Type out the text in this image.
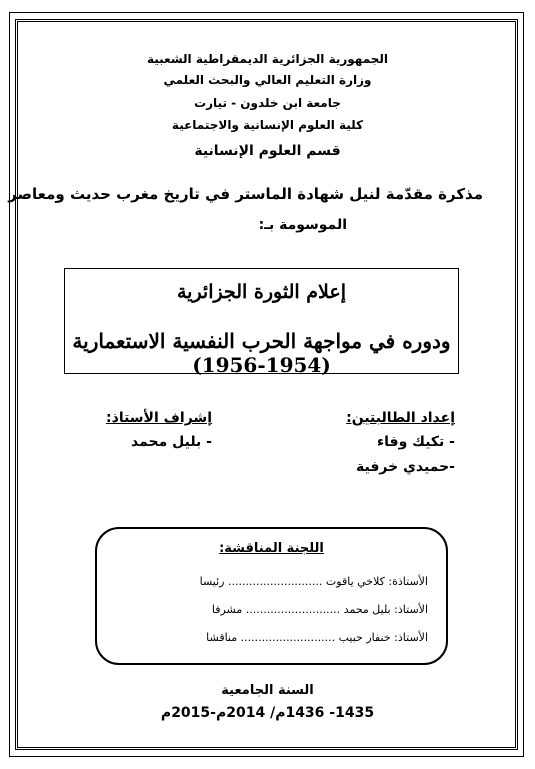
الجمهورية الجزائرية الديمقراطية الشعبية
وزارة التعليم العالي والبحث العلمي
جامعة ابن خلدون - تيارت
كلية العلوم الإنسانية والاجتماعية
قسم العلوم الإنسانية
مذكرة مقدّمة لنيل شهادة الماستر في تاريخ مغرب حديث ومعاصر
الموسومة بـ:
إعلام الثورة الجزائرية
ودوره في مواجهة الحرب النفسية الاستعمارية (1954-1956)
إعداد الطالبتين:
- تكيك وفاء
-حميدي خرفية
إشراف الأستاذ:
- بليل محمد
اللجنة المناقشة:
الأستاذة: كلاخي ياقوت ........................... رئيسا
الأستاذ: بليل محمد ........................... مشرفا
الأستاذ: خنفار حبيب ........................... مناقشا
السنة الجامعية
1435- 1436م/ 2014م-2015م
